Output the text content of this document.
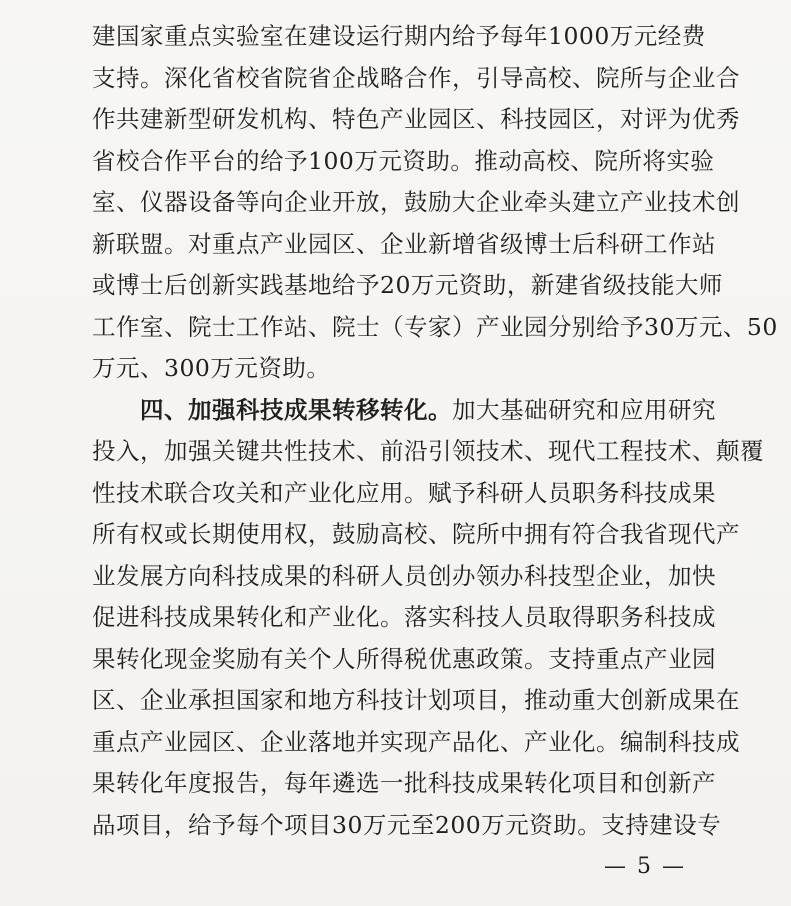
建国家重点实验室在建设运行期内给予每年1000万元经费
支持。深化省校省院省企战略合作，引导高校、院所与企业合
作共建新型研发机构、特色产业园区、科技园区，对评为优秀
省校合作平台的给予100万元资助。推动高校、院所将实验
室、仪器设备等向企业开放，鼓励大企业牵头建立产业技术创
新联盟。对重点产业园区、企业新增省级博士后科研工作站
或博士后创新实践基地给予20万元资助，新建省级技能大师
工作室、院士工作站、院士（专家）产业园分别给予30万元、50
万元、300万元资助。
四、加强科技成果转移转化。加大基础研究和应用研究
投入，加强关键共性技术、前沿引领技术、现代工程技术、颠覆
性技术联合攻关和产业化应用。赋予科研人员职务科技成果
所有权或长期使用权，鼓励高校、院所中拥有符合我省现代产
业发展方向科技成果的科研人员创办领办科技型企业，加快
促进科技成果转化和产业化。落实科技人员取得职务科技成
果转化现金奖励有关个人所得税优惠政策。支持重点产业园
区、企业承担国家和地方科技计划项目，推动重大创新成果在
重点产业园区、企业落地并实现产品化、产业化。编制科技成
果转化年度报告，每年遴选一批科技成果转化项目和创新产
品项目，给予每个项目30万元至200万元资助。支持建设专
— 5 —
